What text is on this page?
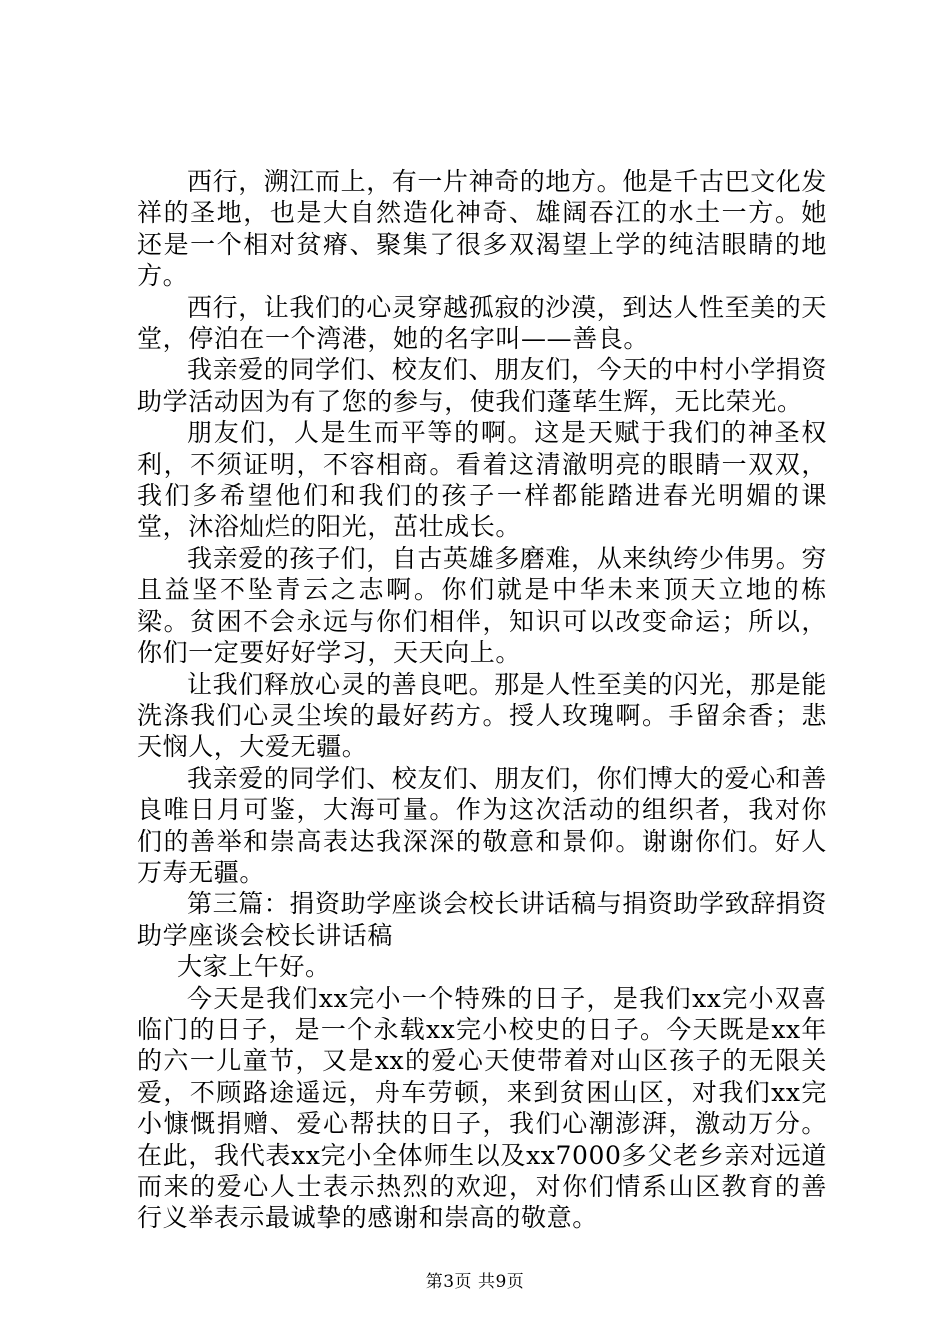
西行，溯江而上，有一片神奇的地方。他是千古巴文化发祥的圣地，也是大自然造化神奇、雄阔吞江的水土一方。她还是一个相对贫瘠、聚集了很多双渴望上学的纯洁眼睛的地方。

西行，让我们的心灵穿越孤寂的沙漠，到达人性至美的天堂，停泊在一个湾港，她的名字叫——善良。

我亲爱的同学们、校友们、朋友们，今天的中村小学捐资助学活动因为有了您的参与，使我们蓬荜生辉，无比荣光。

朋友们，人是生而平等的啊。这是天赋于我们的神圣权利，不须证明，不容相商。看着这清澈明亮的眼睛一双双，我们多希望他们和我们的孩子一样都能踏进春光明媚的课堂，沐浴灿烂的阳光，茁壮成长。

我亲爱的孩子们，自古英雄多磨难，从来纨绔少伟男。穷且益坚不坠青云之志啊。你们就是中华未来顶天立地的栋梁。贫困不会永远与你们相伴，知识可以改变命运；所以，你们一定要好好学习，天天向上。

让我们释放心灵的善良吧。那是人性至美的闪光，那是能洗涤我们心灵尘埃的最好药方。授人玫瑰啊。手留余香；悲天悯人，大爱无疆。

我亲爱的同学们、校友们、朋友们，你们博大的爱心和善良唯日月可鉴，大海可量。作为这次活动的组织者，我对你们的善举和崇高表达我深深的敬意和景仰。谢谢你们。好人万寿无疆。

第三篇：捐资助学座谈会校长讲话稿与捐资助学致辞捐资助学座谈会校长讲话稿

大家上午好。

今天是我们xx完小一个特殊的日子，是我们xx完小双喜临门的日子，是一个永载xx完小校史的日子。今天既是xx年的六一儿童节，又是xx的爱心天使带着对山区孩子的无限关爱，不顾路途遥远，舟车劳顿，来到贫困山区，对我们xx完小慷慨捐赠、爱心帮扶的日子，我们心潮澎湃，激动万分。在此，我代表xx完小全体师生以及xx7000多父老乡亲对远道而来的爱心人士表示热烈的欢迎，对你们情系山区教育的善行义举表示最诚挚的感谢和崇高的敬意。

第3页 共9页
